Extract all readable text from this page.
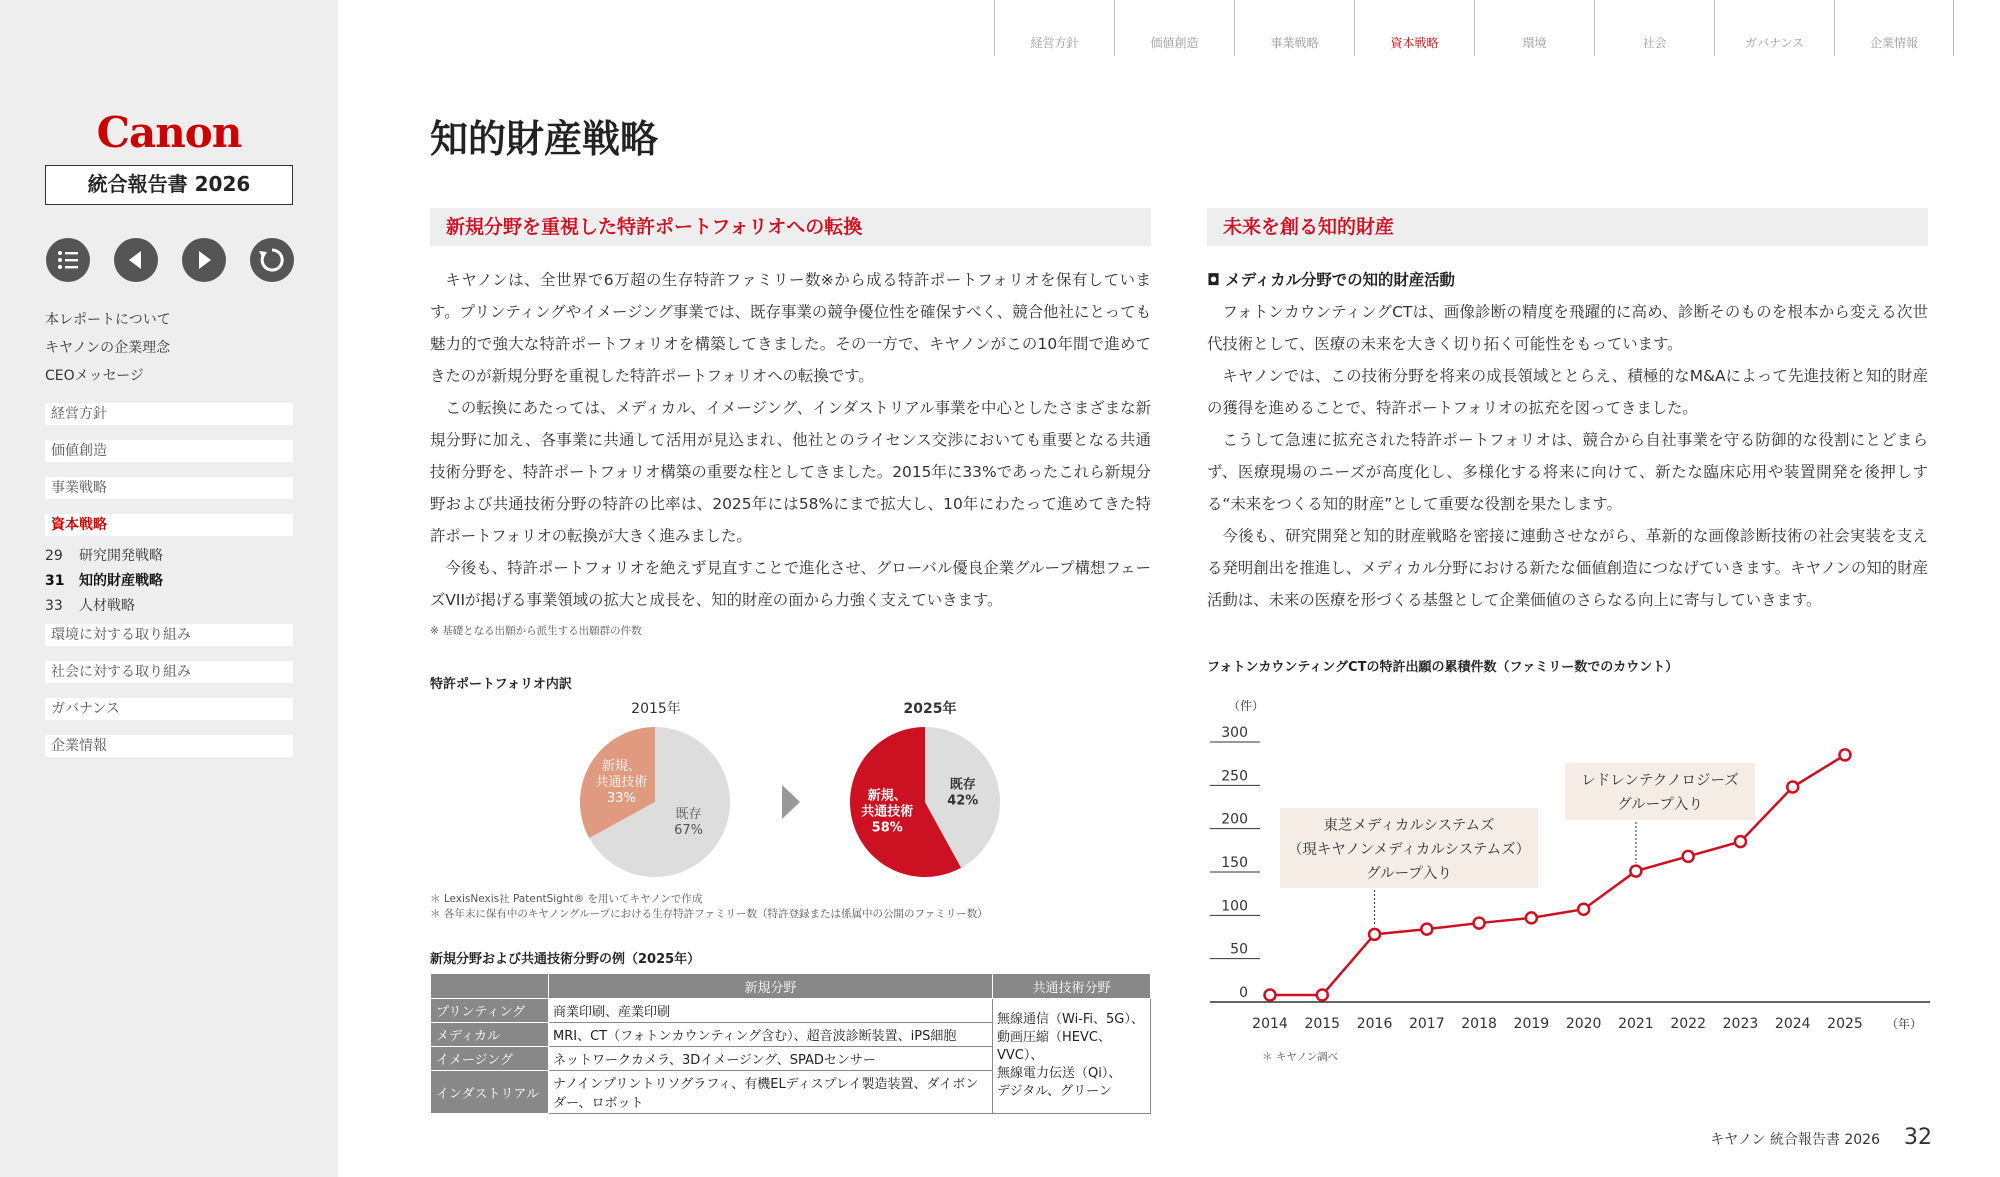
Canon
統合報告書 2026
本レポートについて
キヤノンの企業理念
CEOメッセージ
経営方針
価値創造
事業戦略
資本戦略
29 研究開発戦略
31 知的財産戦略
33 人材戦略
環境に対する取り組み
社会に対する取り組み
ガバナンス
企業情報
経営方針	価値創造	事業戦略	資本戦略	環境	社会	ガバナンス	企業情報
知的財産戦略
新規分野を重視した特許ポートフォリオへの転換

キヤノンは、全世界で6万超の生存特許ファミリー数※から成る特許ポートフォリオを保有しています。プリンティングやイメージング事業では、既存事業の競争優位性を確保すべく、競合他社にとっても魅力的で強大な特許ポートフォリオを構築してきました。その一方で、キヤノンがこの10年間で進めてきたのが新規分野を重視した特許ポートフォリオへの転換です。

この転換にあたっては、メディカル、イメージング、インダストリアル事業を中心としたさまざまな新規分野に加え、各事業に共通して活用が見込まれ、他社とのライセンス交渉においても重要となる共通技術分野を、特許ポートフォリオ構築の重要な柱としてきました。2015年に33%であったこれら新規分野および共通技術分野の特許の比率は、2025年には58%にまで拡大し、10年にわたって進めてきた特許ポートフォリオの転換が大きく進みました。

今後も、特許ポートフォリオを絶えず見直すことで進化させ、グローバル優良企業グループ構想フェーズVIIが掲げる事業領域の拡大と成長を、知的財産の面から力強く支えていきます。

※ 基礎となる出願から派生する出願群の件数
特許ポートフォリオ内訳
2015年	2025年
新規、
共通技術
33%
既存
67%
新規、
共通技術
58%
既存
42%
＊ LexisNexis社 PatentSight® を用いてキヤノンで作成
＊ 各年末に保有中のキヤノングループにおける生存特許ファミリー数（特許登録または係属中の公開のファミリー数）
新規分野および共通技術分野の例（2025年）
	新規分野	共通技術分野
プリンティング	商業印刷、産業印刷	無線通信（Wi-Fi、5G）、
動画圧縮（HEVC、VVC）、
無線電力伝送（Qi）、
デジタル、グリーン

メディカル	MRI、CT（フォトンカウンティング含む）、超音波診断装置、iPS細胞	
イメージング	ネットワークカメラ、3Dイメージング、SPADセンサー	
インダストリアル	ナノインプリントリソグラフィ、有機ELディスプレイ製造装置、ダイボンダー、ロボット	
未来を創る知的財産
◘ メディカル分野での知的財産活動

フォトンカウンティングCTは、画像診断の精度を飛躍的に高め、診断そのものを根本から変える次世代技術として、医療の未来を大きく切り拓く可能性をもっています。

キヤノンでは、この技術分野を将来の成長領域ととらえ、積極的なM&Aによって先進技術と知的財産の獲得を進めることで、特許ポートフォリオの拡充を図ってきました。

こうして急速に拡充された特許ポートフォリオは、競合から自社事業を守る防御的な役割にとどまらず、医療現場のニーズが高度化し、多様化する将来に向けて、新たな臨床応用や装置開発を後押しする“未来をつくる知的財産”として重要な役割を果たします。

今後も、研究開発と知的財産戦略を密接に連動させながら、革新的な画像診断技術の社会実装を支える発明創出を推進し、メディカル分野における新たな価値創造につなげていきます。キヤノンの知的財産活動は、未来の医療を形づくる基盤として企業価値のさらなる向上に寄与していきます。

フォトンカウンティングCTの特許出願の累積件数（ファミリー数でのカウント）
（件）
0
50
100
150
200
250
300
2014 2015 2016 2017 2018 2019 2020 2021 2022 2023 2024 2025 （年）
東芝メディカルシステムズ
（現キヤノンメディカルシステムズ）
グループ入り
レドレンテクノロジーズ
グループ入り
＊ キヤノン調べ
キヤノン 統合報告書 2026 32
